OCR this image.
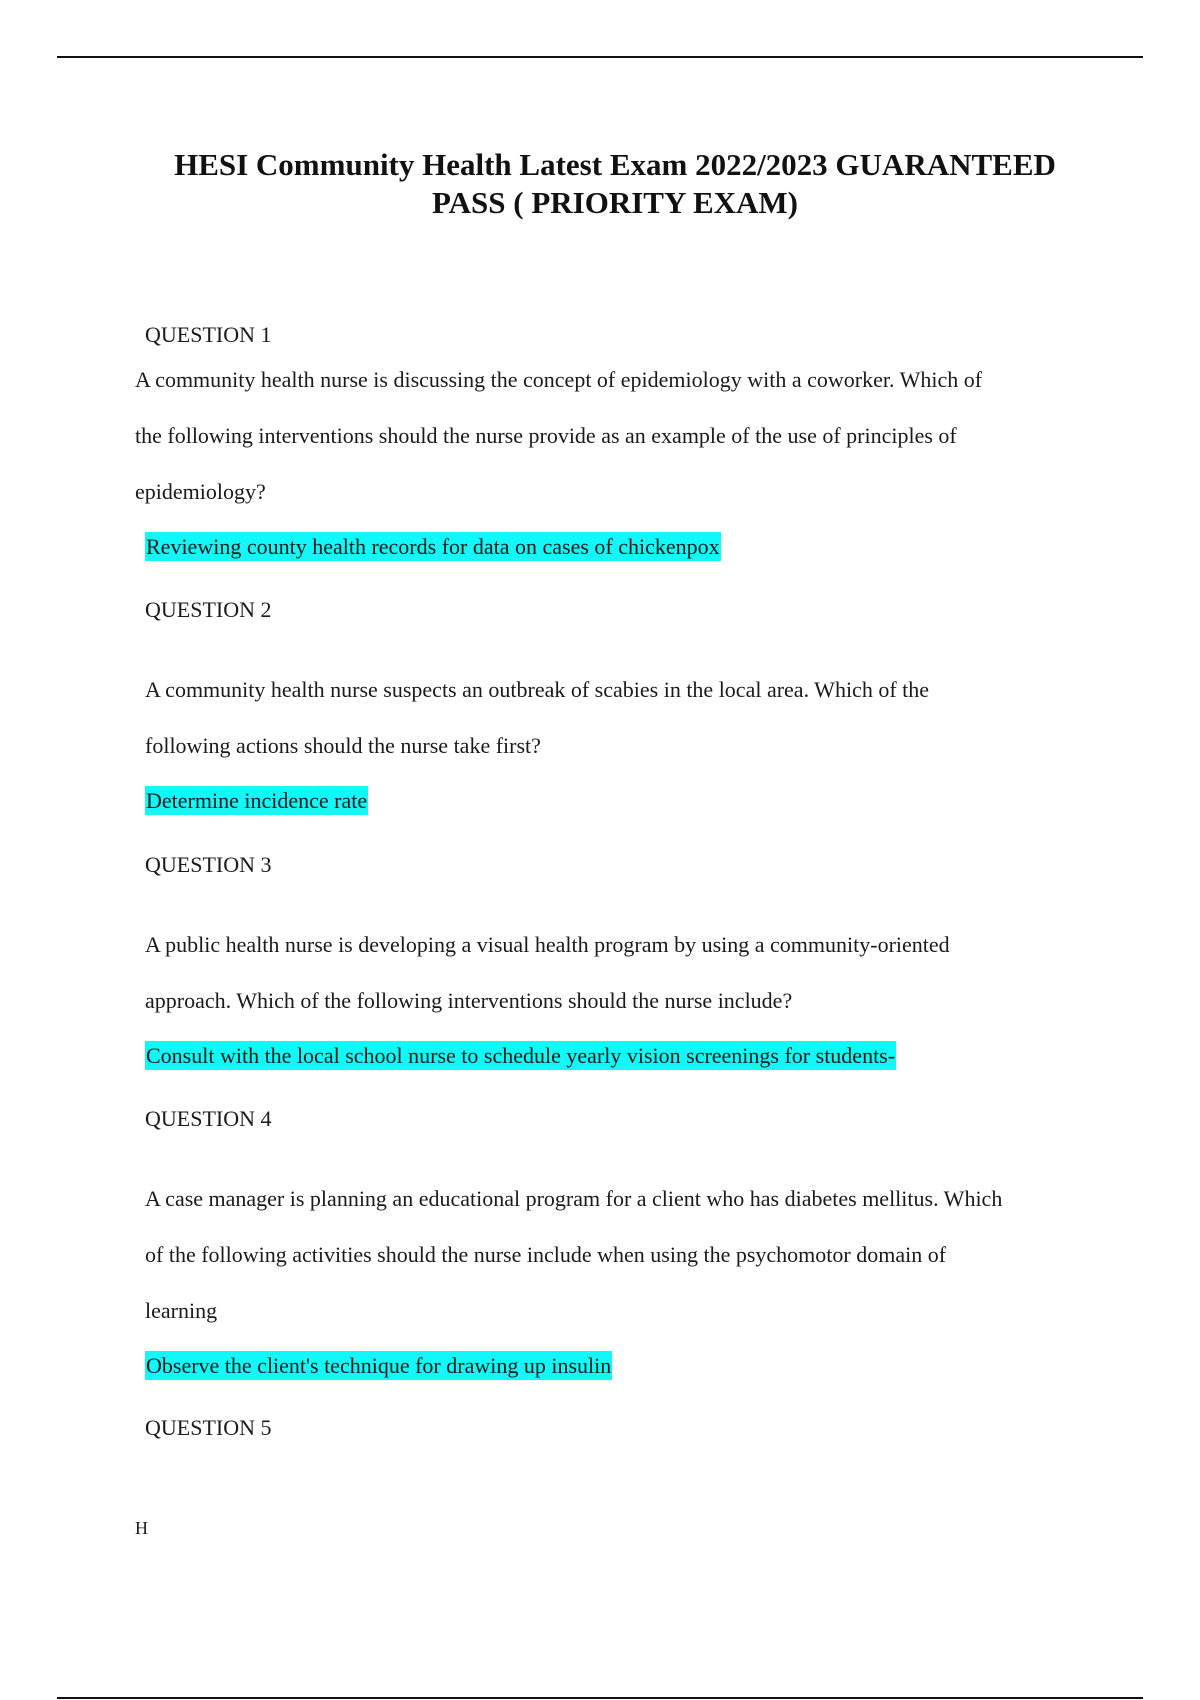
HESI Community Health Latest Exam 2022/2023 GUARANTEED
PASS ( PRIORITY EXAM)
QUESTION 1
A community health nurse is discussing the concept of epidemiology with a coworker. Which of
the following interventions should the nurse provide as an example of the use of principles of
epidemiology?
Reviewing county health records for data on cases of chickenpox
QUESTION 2
A community health nurse suspects an outbreak of scabies in the local area. Which of the
following actions should the nurse take first?
Determine incidence rate
QUESTION 3
A public health nurse is developing a visual health program by using a community-oriented
approach. Which of the following interventions should the nurse include?
Consult with the local school nurse to schedule yearly vision screenings for students-
QUESTION 4
A case manager is planning an educational program for a client who has diabetes mellitus. Which
of the following activities should the nurse include when using the psychomotor domain of
learning
Observe the client's technique for drawing up insulin
QUESTION 5
H
